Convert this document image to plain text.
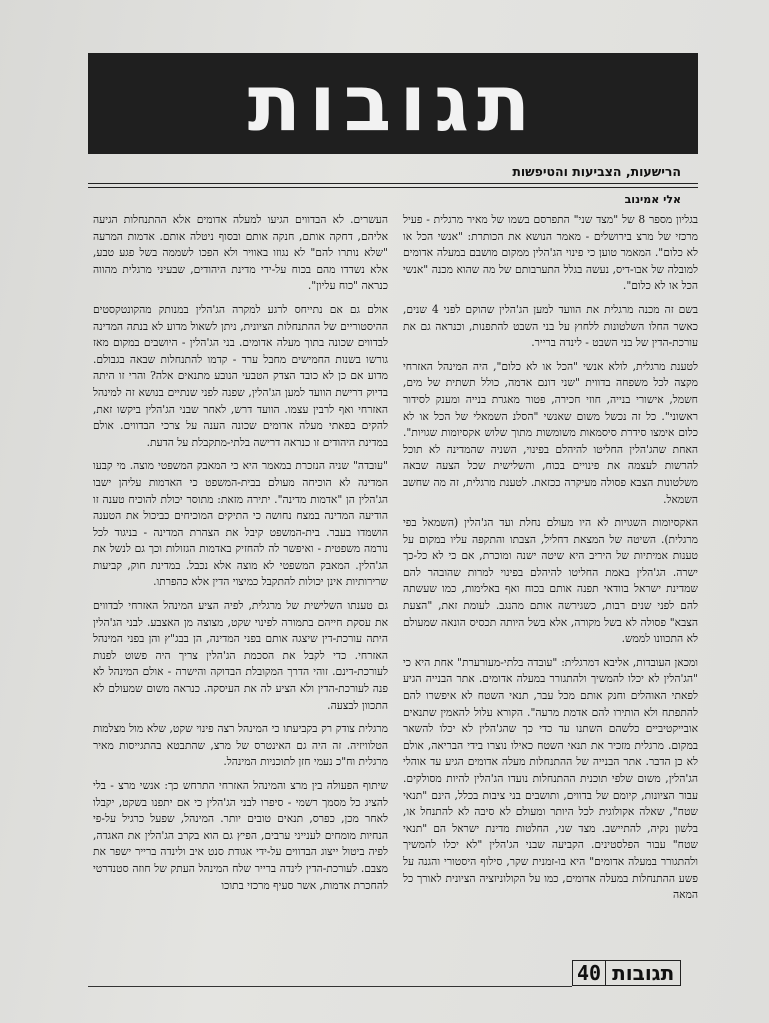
תגובות
הרישעות, הצביעות והטיפשות
אלי אמינוב

בגליון מספר 8 של "מצד שני" התפרסם בשמו של מאיר מרגלית - פעיל מרכזי של מרצ בירושלים - מאמר הנושא את הכותרת: "אנשי הכל או לא כלום". המאמר טוען כי פינוי הג'הלין ממקום מושבם במעלה אדומים למובלה של אבו-דיס, נעשה בגלל התערבותם של מה שהוא מכנה "אנשי הכל או לא כלום".

בשם זה מכנה מרגלית את הוועד למען הג'הלין שהוקם לפני 4 שנים, כאשר החלו השלטונות ללחוץ על בני השבט להתפנות, וכנראה גם את עורכת-הדין של בני השבט - לינדה ברייר.

לטענת מרגלית, לולא אנשי "הכל או לא כלום", היה המינהל האזרחי מקצה לכל משפחה בדווית "שני דונם אדמה, כולל תשתית של מים, חשמל, אישורי בנייה, חוזי חכירה, פטור מאגרת בנייה ומענק לסידור ראשוני". כל זה נכשל משום שאנשי "הסלנ השמאלי של הכל או לא כלום אימצו סידרת סיסמאות משומשות מתוך שלוש אקסיומות שגויות". האחת שהג'הלין החליטו להיהלם בפינוי, השניה שהמדינה לא תוכל להרשות לעצמה את פינויים בכוח, והשלישית שכל הצעה שבאה משלטונות הצבא פסולה מעיקרה ככזאת. לטענת מרגלית, זה מה שחשב השמאל.

האקסיומות השגויות לא היו מעולם נחלת ועד הג'הלין (השמאל בפי מרגלית). השיטה של המצאת דחליל, הצבתו והתקפה עליו במקום על טענות אמיתיות של היריב היא שיטה ישנה ומוכרת, אם כי לא כל-כך ישרה. הג'הלין באמת החליטו להיהלם בפינוי למרות שהובהר להם שמדינת ישראל בוודאי תפנה אותם בכוח ואף באלימות, כמו שעשתה להם לפני שנים רבות, כשגירשה אותם מהנגב. לעומת זאת, "הצעת הצבא" פסולה לא בשל מקורה, אלא בשל היותה תכסיס הונאה שמעולם לא התכוונו לממש.

ומכאן העובדות, אליבא דמרגלית: "עובדה בלתי-מעורערת" אחת היא כי "הג'הלין לא יכלו להמשיך ולהתגורר במעלה אדומים. אתר הבנייה הגיע לפאתי האוהלים וחנק אותם מכל עבר, תנאי השטח לא איפשרו להם להתפתח ולא הותירו להם אדמת מרעה". הקורא עלול להאמין שתנאים אובייקטיביים כלשהם השתנו עד כדי כך שהג'הלין לא יכלו להשאר במקום. מרגלית מזכיר את תנאי השטח כאילו נוצרו בידי הבריאה, אולם לא כן הדבר. אתר הבנייה של ההתנחלות מעלה אדומים הגיע עד אוהלי הג'הלין, משום שלפי תוכנית ההתנחלות נועדו הג'הלין להיות מסולקים. עבור הציונות, קיומם של בדווים, ותושבים בני ציבות בכלל, הינם "תנאי שטח", שאלה אקולוגית לכל היותר ומעולם לא סיבה לא להתנחל או, בלשון נקיה, להתיישב. מצד שני, החלטות מדינת ישראל הם "תנאי שטח" עבור הפלסטינים. הקביעה שבני הג'הלין "לא יכלו להמשיך ולהתגורר במעלה אדומים" היא בו-זמנית שקר, סילוף היסטורי והגנה על פשע ההתנחלות במעלה אדומים, כמו על הקולוניזציה הציונית לאורך כל המאה

העשרים. לא הבדווים הגיעו למעלה אדומים אלא ההתנחלות הגיעה אליהם, דחקה אותם, חנקה אותם ובסוף ניטלה אותם. אדמות המרעה "שלא נותרו להם" לא נגוזו באוויר ולא הפכו לשממה בשל פגע טבע, אלא נשדדו מהם בכוח על-ידי מדינת היהודים, שבעיני מרגלית מהווה כנראה "כוח עליון".

אולם גם אם נתייחס לרגע למקרה הג'הלין במנותק מהקונטקסטים ההיסטוריים של ההתנחלות הציונית, ניתן לשאול מדוע לא בנתה המדינה לבדווים שכונה בתוך מעלה אדומים. בני הג'הלין - היושבים במקום מאז גורשו בשנות החמישים מחבל ערד - קדמו להתנחלות שבאה בגבולם. מדוע אם כן לא כובד הצדק הטבעי הנובע מתנאים אלה? והרי זו היתה בדיוק דרישת הוועד למען הג'הלין, שפנה לפני שנתיים בנושא זה למינהל האזרחי ואף לרבין עצמו. הוועד דרש, לאחר שבני הג'הלין ביקשו זאת, להקים בפאתי מעלה אדומים שכונה הענה על צרכי הבדווים. אולם במדינת היהודים זו כנראה דרישה בלתי-מתקבלת על הדעת.

"עובדה" שניה הנזכרת במאמר היא כי המאבק המשפטי מוצה. מי קבעו המדינה לא הוכיחה מעולם בבית-המשפט כי האדמות עליהן ישבו הג'הלין הן "אדמות מדינה". יתירה מזאת: מתוסר יכולת להוכיח טענה זו הודיעה המדינה במצח נחושה כי התיקים המוכיחים כביכול את הטענה הושמדו בעבר. בית-המשפט קיבל את הצהרת המדינה - בניגוד לכל נורמה משפטית - ואיפשר לה להחזיק באדמות הגזולות וכך גם לנשל את הג'הלין. המאבק המשפטי לא מוצה אלא נכבל. במדינת חוק, קביעות שרירותיות אינן יכולות להתקבל כמיצוי הדין אלא כהפרתו.

גם טענתו השלישית של מרגלית, לפיה הציע המינהל האזרחי לבדווים את עסקת חייהם בתמורה לפינוי שקט, מצוצה מן האצבע. לבני הג'הלין היתה עורכת-דין שיצגה אותם בפני המדינה, הן בבג"ץ והן בפני המינהל האזרחי. כדי לקבל את הסכמת הג'הלין צריך היה פשוט לפנות לעורכת-דינם. זוהי הדרך המקובלת הבדוקה והישרה - אולם המינהל לא פנה לעורכת-הדין ולא הציע לה את העיסקה. כנראה משום שמעולם לא התכוון לבצעה.

מרגלית צודק רק בקביעתו כי המינהל רצה פינוי שקט, שלא מול מצלמות הטלוויזיה. זה היה גם האינטרס של מרצ, שהתבטא בהתגייסות מאיר מרגלית וח"כ נעמי חזן לתוכניות המינהל.

שיתוף הפעולה בין מרצ והמינהל האזרחי התרחש כך: אנשי מרצ - בלי להציג כל מסמך רשמי - סיפרו לבני הג'הלין כי אם יתפנו בשקט, יקבלו לאחר מכן, כפרס, תנאים טובים יותר. המינהל, שפעל כרגיל על-פי הנחיות מומחים לענייני ערבים, הפיץ גם הוא בקרב הג'הלין את האגדה, לפיה ביטול ייצוג הבדווים על-ידי אגודת סנט איב ולינדה ברייר ישפר את מצבם. לעורכת-הדין לינדה ברייר שלח המינהל העתק של חוזה סטנדרטי להחכרת אדמות, אשר סעיף מרכזי בתוכו

40 תגובות
